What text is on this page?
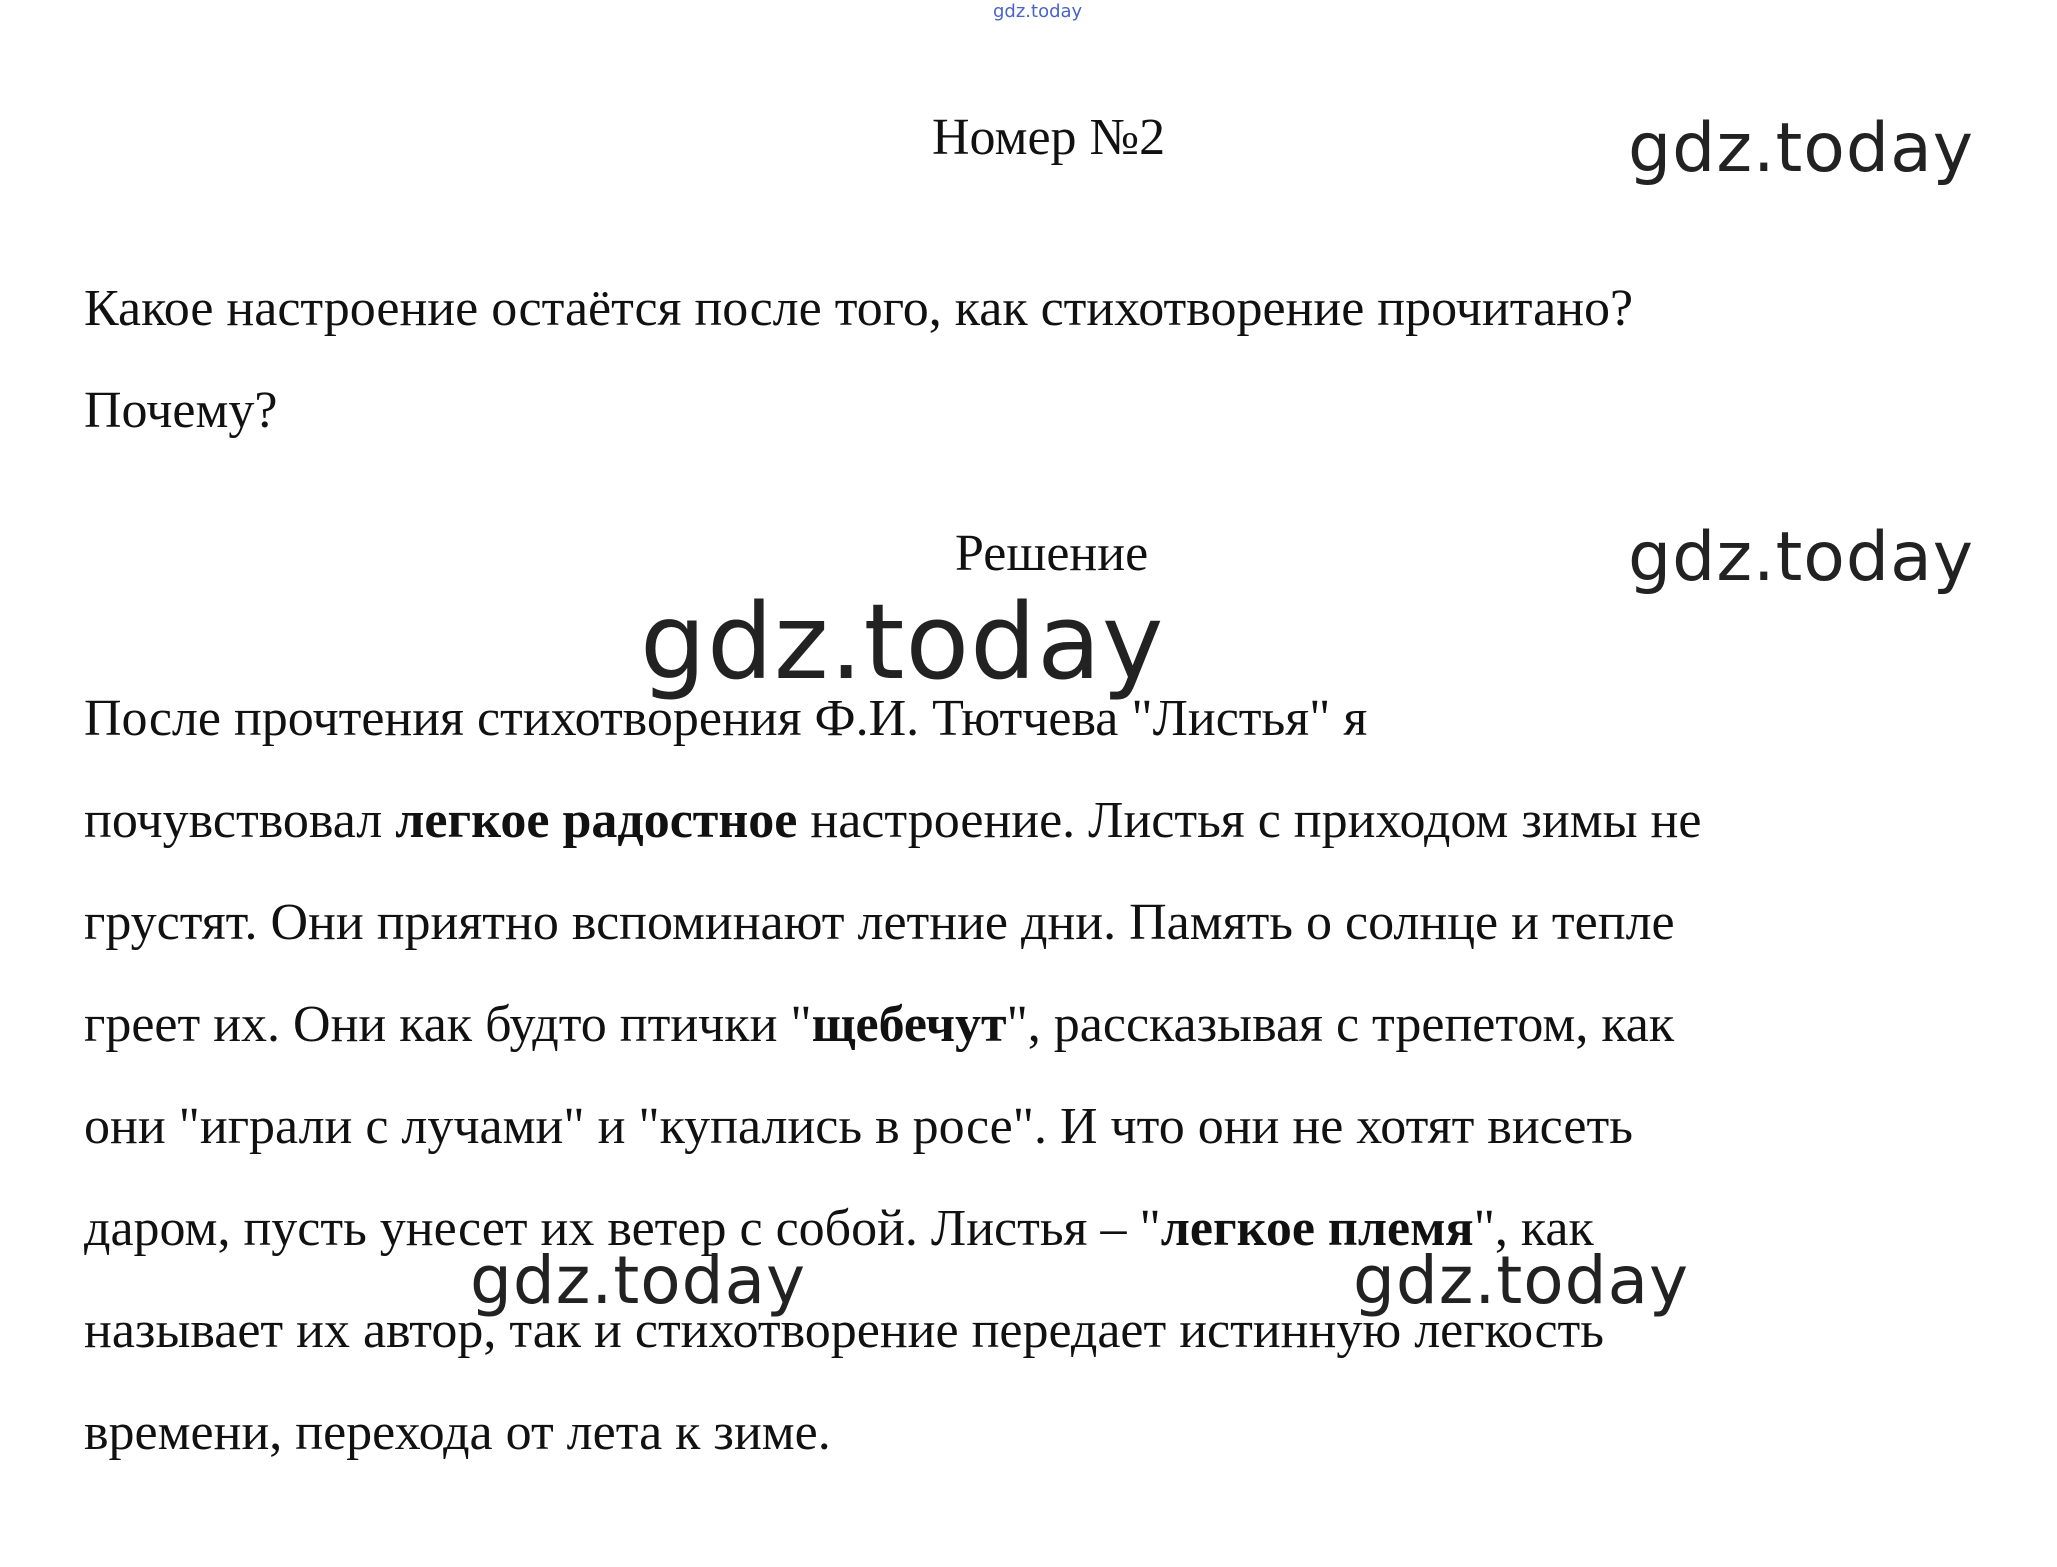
gdz.today
Номер №2	gdz.today
Какое настроение остаётся после того, как стихотворение прочитано?
Почему?
Решение	gdz.today
gdz.today
После прочтения стихотворения Ф.И. Тютчева "Листья" я
почувствовал легкое радостное настроение. Листья с приходом зимы не
грустят. Они приятно вспоминают летние дни. Память о солнце и тепле
греет их. Они как будто птички "щебечут", рассказывая с трепетом, как
они "играли с лучами" и "купались в росе". И что они не хотят висеть
даром, пусть унесет их ветер с собой. Листья – "легкое племя", как
называет их автор, так и стихотворение передает истинную легкость
времени, перехода от лета к зиме.
gdz.today	gdz.today
